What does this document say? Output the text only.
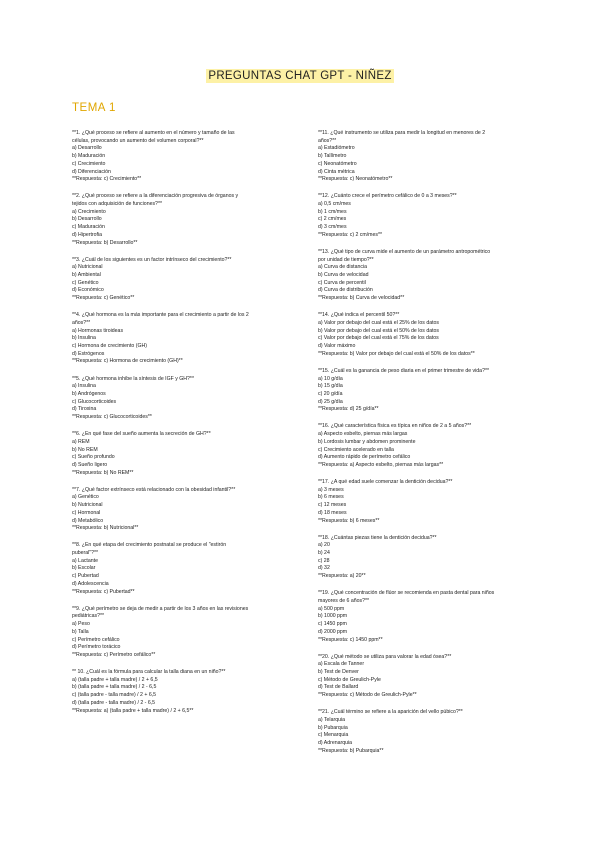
PREGUNTAS CHAT GPT - NIÑEZ
TEMA 1
**1. ¿Qué proceso se refiere al aumento en el número y tamaño de las
células, provocando un aumento del volumen corporal?**
a) Desarrollo
b) Maduración
c) Crecimiento
d) Diferenciación
**Respuesta: c) Crecimiento**
**2. ¿Qué proceso se refiere a la diferenciación progresiva de órganos y
tejidos con adquisición de funciones?**
a) Crecimiento
b) Desarrollo
c) Maduración
d) Hipertrofia
**Respuesta: b) Desarrollo**
**3. ¿Cuál de los siguientes es un factor intrínseco del crecimiento?**
a) Nutricional
b) Ambiental
c) Genético
d) Económico
**Respuesta: c) Genético**
**4. ¿Qué hormona es la más importante para el crecimiento a partir de los 2
años?**
a) Hormonas tiroideas
b) Insulina
c) Hormona de crecimiento (GH)
d) Estrógenos
**Respuesta: c) Hormona de crecimiento (GH)**
**5. ¿Qué hormona inhibe la síntesis de IGF y GH?**
a) Insulina
b) Andrógenos
c) Glucocorticoides
d) Tiroxina
**Respuesta: c) Glucocorticoides**
**6. ¿En qué fase del sueño aumenta la secreción de GH?**
a) REM
b) No REM
c) Sueño profundo
d) Sueño ligero
**Respuesta: b) No REM**
**7. ¿Qué factor extrínseco está relacionado con la obesidad infantil?**
a) Genético
b) Nutricional
c) Hormonal
d) Metabólico
**Respuesta: b) Nutricional**
**8. ¿En qué etapa del crecimiento postnatal se produce el "estirón
puberal"?**
a) Lactante
b) Escolar
c) Pubertad
d) Adolescencia
**Respuesta: c) Pubertad**
**9. ¿Qué perímetro se deja de medir a partir de los 3 años en las revisiones
pediátricas?**
a) Peso
b) Talla
c) Perímetro cefálico
d) Perímetro torácico
**Respuesta: c) Perímetro cefálico**
** 10. ¿Cuál es la fórmula para calcular la talla diana en un niño?**
a) (talla padre + talla madre) / 2 + 6,5
b) (talla padre + talla madre) / 2 - 6,5
c) (talla padre - talla madre) / 2 + 6,5
d) (talla padre - talla madre) / 2 - 6,5
**Respuesta: a) (talla padre + talla madre) / 2 + 6,5**
**11. ¿Qué instrumento se utiliza para medir la longitud en menores de 2
años?**
a) Estadiómetro
b) Tallímetro
c) Neonatómetro
d) Cinta métrica
**Respuesta: c) Neonatómetro**
**12. ¿Cuánto crece el perímetro cefálico de 0 a 3 meses?**
a) 0,5 cm/mes
b) 1 cm/mes
c) 2 cm/mes
d) 3 cm/mes
**Respuesta: c) 2 cm/mes**
**13. ¿Qué tipo de curva mide el aumento de un parámetro antropométrico
por unidad de tiempo?**
a) Curva de distancia
b) Curva de velocidad
c) Curva de percentil
d) Curva de distribución
**Respuesta: b) Curva de velocidad**
**14. ¿Qué indica el percentil 50?**
a) Valor por debajo del cual está el 25% de los datos
b) Valor por debajo del cual está el 50% de los datos
c) Valor por debajo del cual está el 75% de los datos
d) Valor máximo
**Respuesta: b) Valor por debajo del cual está el 50% de los datos**
**15. ¿Cuál es la ganancia de peso diaria en el primer trimestre de vida?**
a) 10 g/día
b) 15 g/día
c) 20 g/día
d) 25 g/día
**Respuesta: d) 25 g/día**
**16. ¿Qué característica física es típica en niños de 2 a 5 años?**
a) Aspecto esbelto, piernas más largas
b) Lordosis lumbar y abdomen prominente
c) Crecimiento acelerado en talla
d) Aumento rápido de perímetro cefálico
**Respuesta: a) Aspecto esbelto, piernas más largas**
**17. ¿A qué edad suele comenzar la dentición decidua?**
a) 3 meses
b) 6 meses
c) 12 meses
d) 18 meses
**Respuesta: b) 6 meses**
**18. ¿Cuántas piezas tiene la dentición decidua?**
a) 20
b) 24
c) 28
d) 32
**Respuesta: a) 20**
**19. ¿Qué concentración de flúor se recomienda en pasta dental para niños
mayores de 6 años?**
a) 500 ppm
b) 1000 ppm
c) 1450 ppm
d) 2000 ppm
**Respuesta: c) 1450 ppm**
**20. ¿Qué método se utiliza para valorar la edad ósea?**
a) Escala de Tanner
b) Test de Denver
c) Método de Greulich-Pyle
d) Test de Ballard
**Respuesta: c) Método de Greulich-Pyle**
**21. ¿Cuál término se refiere a la aparición del vello púbico?**
a) Telarquia
b) Pubarquia
c) Menarquia
d) Adrenarquia
**Respuesta: b) Pubarquia**
